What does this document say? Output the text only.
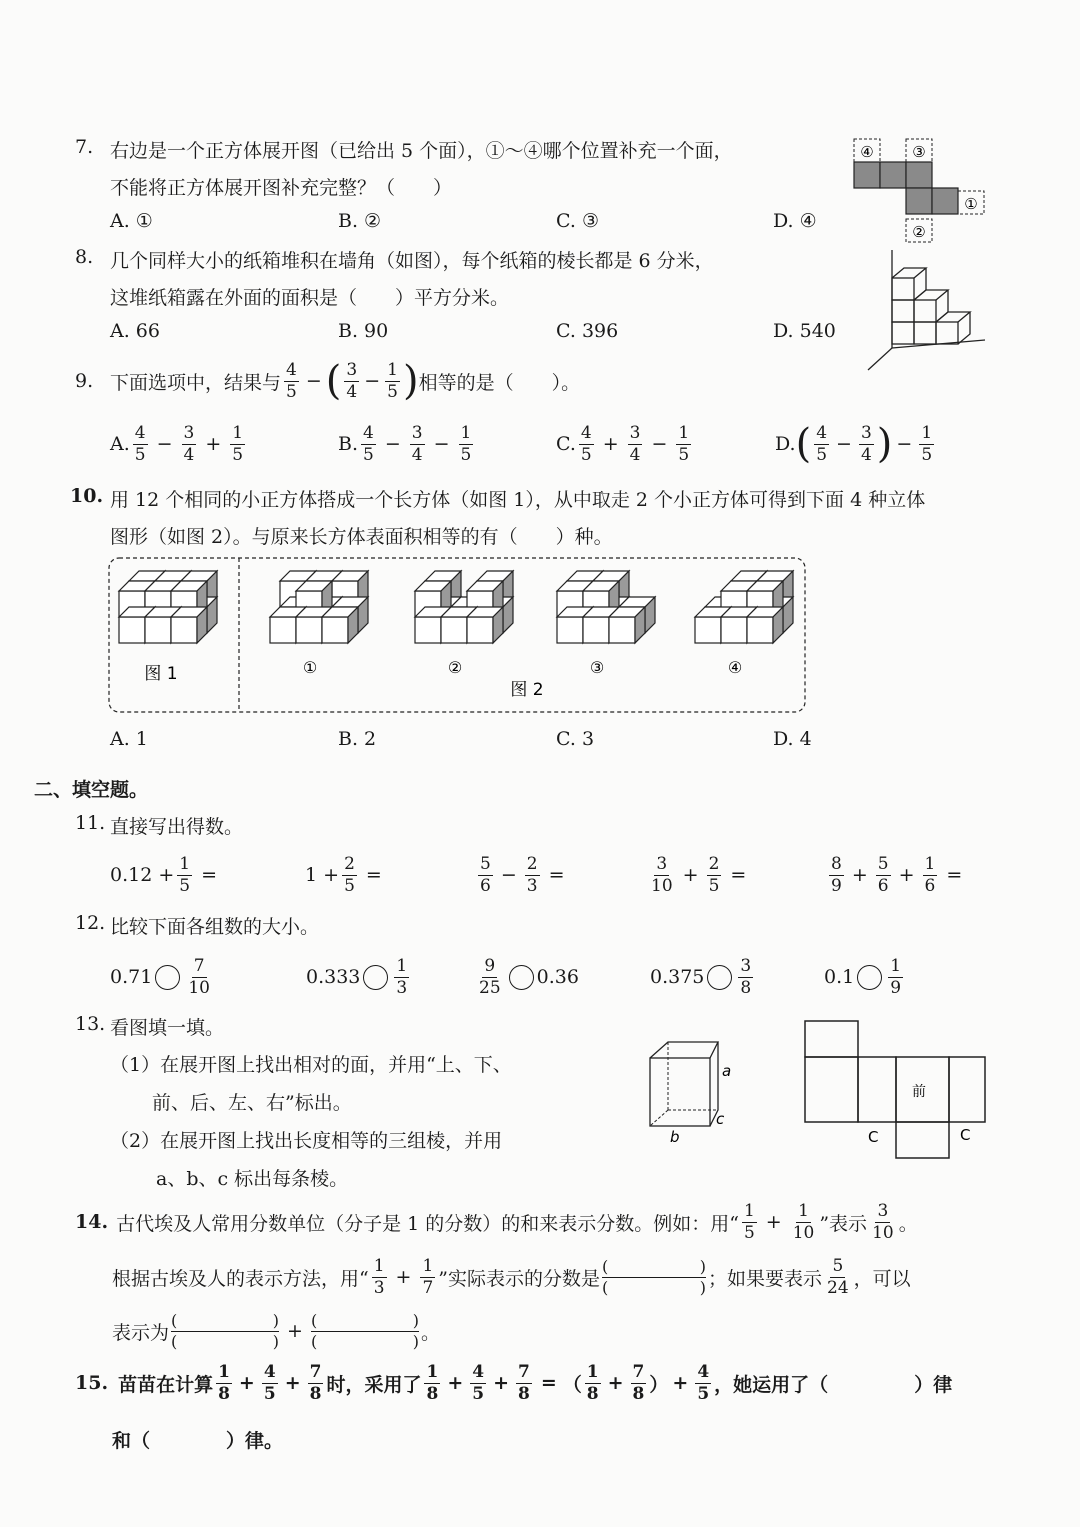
7. 右边是一个正方体展开图（已给出 5 个面），①～④哪个位置补充一个面，
不能将正方体展开图补充完整？（　　）
A. ①	B. ②	C. ③	D. ④
④	③
①
②
8. 几个同样大小的纸箱堆积在墙角（如图），每个纸箱的棱长都是 6 分米，
这堆纸箱露在外面的面积是（　　）平方分米。
A. 66	B. 90	C. 396	D. 540
9. 下面选项中，结果与 $\frac{4}{5}$ − ( $\frac{3}{4} - \frac{1}{5}$ ) 相等的是（　　）。
A. $\frac{4}{5} - \frac{3}{4} + \frac{1}{5}$	B. $\frac{4}{5} - \frac{3}{4} - \frac{1}{5}$	C. $\frac{4}{5} + \frac{3}{4} - \frac{1}{5}$	D. ( $\frac{4}{5} - \frac{3}{4}$ ) − $\frac{1}{5}$
10. 用 12 个相同的小正方体搭成一个长方体（如图 1），从中取走 2 个小正方体可得到下面 4 种立体
图形（如图 2）。与原来长方体表面积相等的有（　　）种。
图 1	①	②	③	④
图 2
A. 1	B. 2	C. 3	D. 4
二、填空题。
11. 直接写出得数。
$0.12 + \frac{1}{5}$ =	$1 + \frac{2}{5}$ =	$\frac{5}{6} - \frac{2}{3}$ =	$\frac{3}{10} + \frac{2}{5}$ =	$\frac{8}{9} + \frac{5}{6} + \frac{1}{6}$ =
12. 比较下面各组数的大小。
$0.71 \frac{7}{10}$	$0.333 \frac{1}{3}$	$\frac{9}{25} 0.36$	$0.375 \frac{3}{8}$	$0.1 \frac{1}{9}$
13. 看图填一填。
（1）在展开图上找出相对的面，并用“上、下、
前、后、左、右”标出。
（2）在展开图上找出长度相等的三组棱，并用
a、b、c 标出每条棱。
a
b
c
C	C
前
14. 古代埃及人常用分数单位（分子是 1 的分数）的和来表示分数。例如：用“ $\frac{1}{5} + \frac{1}{10}$ ”表示 $\frac{3}{10}$ 。
根据古埃及人的表示方法，用“ $\frac{1}{3} + \frac{1}{7}$ ”实际表示的分数是 (	)
(	) ；如果要表示 $\frac{5}{24}$ ，可以
表示为 (	)
(	) + (	)
(	) 。
15. 苗苗在计算 $\frac{1}{8} + \frac{4}{5} + \frac{7}{8}$ 时，采用了 $\frac{1}{8} + \frac{4}{5} + \frac{7}{8}$ = （ $\frac{1}{8} + \frac{7}{8}$ ） + $\frac{4}{5}$ ，她运用了（	）律
和（　　　　）律。
